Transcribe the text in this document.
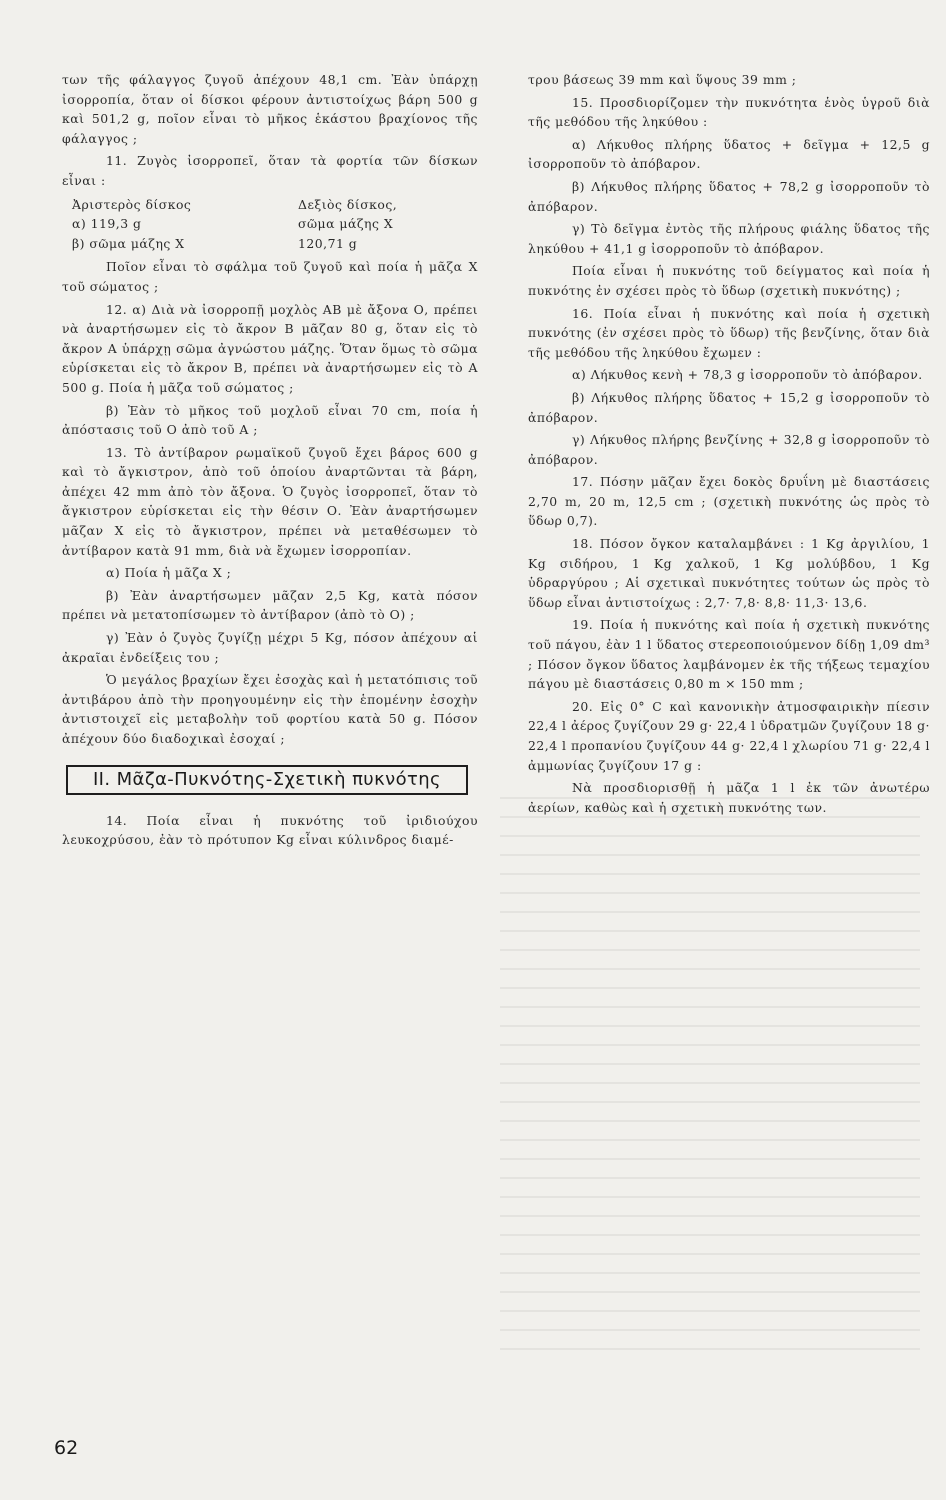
των τῆς φάλαγγος ζυγοῦ ἀπέχουν 48,1 cm. Ἐὰν ὑπάρχῃ ἰσορροπία, ὅταν οἱ δίσκοι φέρουν ἀντιστοίχως βάρη 500 g καὶ 501,2 g, ποῖον εἶναι τὸ μῆκος ἑκάστου βραχίονος τῆς φάλαγγος ;

11. Ζυγὸς ἰσορροπεῖ, ὅταν τὰ φορτία τῶν δίσκων εἶναι :

Ἀριστερὸς δίσκος	Δεξιὸς δίσκος,
α) 119,3 g	σῶμα μάζης Χ
β) σῶμα μάζης Χ	120,71 g

Ποῖον εἶναι τὸ σφάλμα τοῦ ζυγοῦ καὶ ποία ἡ μᾶζα Χ τοῦ σώματος ;

12. α) Διὰ νὰ ἰσορροπῇ μοχλὸς ΑΒ μὲ ἄξονα Ο, πρέπει νὰ ἀναρτήσωμεν εἰς τὸ ἄκρον Β μᾶζαν 80 g, ὅταν εἰς τὸ ἄκρον Α ὑπάρχῃ σῶμα ἀγνώστου μάζης. Ὅταν ὅμως τὸ σῶμα εὑρίσκεται εἰς τὸ ἄκρον Β, πρέπει νὰ ἀναρτήσωμεν εἰς τὸ Α 500 g. Ποία ἡ μᾶζα τοῦ σώματος ;

β) Ἐὰν τὸ μῆκος τοῦ μοχλοῦ εἶναι 70 cm, ποία ἡ ἀπόστασις τοῦ Ο ἀπὸ τοῦ Α ;

13. Τὸ ἀντίβαρον ρωμαϊκοῦ ζυγοῦ ἔχει βάρος 600 g καὶ τὸ ἄγκιστρον, ἀπὸ τοῦ ὁποίου ἀναρτῶνται τὰ βάρη, ἀπέχει 42 mm ἀπὸ τὸν ἄξονα. Ὁ ζυγὸς ἰσορροπεῖ, ὅταν τὸ ἄγκιστρον εὑρίσκεται εἰς τὴν θέσιν Ο. Ἐὰν ἀναρτήσωμεν μᾶζαν Χ εἰς τὸ ἄγκιστρον, πρέπει νὰ μεταθέσωμεν τὸ ἀντίβαρον κατὰ 91 mm, διὰ νὰ ἔχωμεν ἰσορροπίαν.

α) Ποία ἡ μᾶζα Χ ;

β) Ἐὰν ἀναρτήσωμεν μᾶζαν 2,5 Kg, κατὰ πόσον πρέπει νὰ μετατοπίσωμεν τὸ ἀντίβαρον (ἀπὸ τὸ Ο) ;

γ) Ἐὰν ὁ ζυγὸς ζυγίζῃ μέχρι 5 Kg, πόσον ἀπέχουν αἱ ἀκραῖαι ἐνδείξεις του ;

Ὁ μεγάλος βραχίων ἔχει ἐσοχὰς καὶ ἡ μετατόπισις τοῦ ἀντιβάρου ἀπὸ τὴν προηγουμένην εἰς τὴν ἑπομένην ἐσοχὴν ἀντιστοιχεῖ εἰς μεταβολὴν τοῦ φορτίου κατὰ 50 g. Πόσον ἀπέχουν δύο διαδοχικαὶ ἐσοχαί ;

II. Μᾶζα-Πυκνότης-Σχετικὴ πυκνότης

14. Ποία εἶναι ἡ πυκνότης τοῦ ἰριδιούχου λευκοχρύσου, ἐὰν τὸ πρότυπον Kg εἶναι κύλινδρος διαμέ-

τρου βάσεως 39 mm καὶ ὕψους 39 mm ;

15. Προσδιορίζομεν τὴν πυκνότητα ἑνὸς ὑγροῦ διὰ τῆς μεθόδου τῆς ληκύθου :

α) Λήκυθος πλήρης ὕδατος + δεῖγμα + 12,5 g ἰσορροποῦν τὸ ἀπόβαρον.

β) Λήκυθος πλήρης ὕδατος + 78,2 g ἰσορροποῦν τὸ ἀπόβαρον.

γ) Τὸ δεῖγμα ἐντὸς τῆς πλήρους φιάλης ὕδατος τῆς ληκύθου + 41,1 g ἰσορροποῦν τὸ ἀπόβαρον.

Ποία εἶναι ἡ πυκνότης τοῦ δείγματος καὶ ποία ἡ πυκνότης ἐν σχέσει πρὸς τὸ ὕδωρ (σχετικὴ πυκνότης) ;

16. Ποία εἶναι ἡ πυκνότης καὶ ποία ἡ σχετικὴ πυκνότης (ἐν σχέσει πρὸς τὸ ὕδωρ) τῆς βενζίνης, ὅταν διὰ τῆς μεθόδου τῆς ληκύθου ἔχωμεν :

α) Λήκυθος κενὴ + 78,3 g ἰσορροποῦν τὸ ἀπόβαρον.

β) Λήκυθος πλήρης ὕδατος + 15,2 g ἰσορροποῦν τὸ ἀπόβαρον.

γ) Λήκυθος πλήρης βενζίνης + 32,8 g ἰσορροποῦν τὸ ἀπόβαρον.

17. Πόσην μᾶζαν ἔχει δοκὸς δρυΐνη μὲ διαστάσεις 2,70 m, 20 m, 12,5 cm ; (σχετικὴ πυκνότης ὡς πρὸς τὸ ὕδωρ 0,7).

18. Πόσον ὄγκον καταλαμβάνει : 1 Kg ἀργιλίου, 1 Kg σιδήρου, 1 Kg χαλκοῦ, 1 Kg μολύβδου, 1 Kg ὑδραργύρου ; Αἱ σχετικαὶ πυκνότητες τούτων ὡς πρὸς τὸ ὕδωρ εἶναι ἀντιστοίχως : 2,7· 7,8· 8,8· 11,3· 13,6.

19. Ποία ἡ πυκνότης καὶ ποία ἡ σχετικὴ πυκνότης τοῦ πάγου, ἐὰν 1 l ὕδατος στερεοποιούμενον δίδῃ 1,09 dm³ ; Πόσον ὄγκον ὕδατος λαμβάνομεν ἐκ τῆς τήξεως τεμαχίου πάγου μὲ διαστάσεις 0,80 m × 150 mm ;

20. Εἰς 0° C καὶ κανονικὴν ἀτμοσφαιρικὴν πίεσιν 22,4 l ἀέρος ζυγίζουν 29 g· 22,4 l ὑδρατμῶν ζυγίζουν 18 g· 22,4 l προπανίου ζυγίζουν 44 g· 22,4 l χλωρίου 71 g· 22,4 l ἀμμωνίας ζυγίζουν 17 g :

Νὰ προσδιορισθῇ ἡ μᾶζα 1 l ἐκ τῶν ἀνωτέρω ἀερίων, καθὼς καὶ ἡ σχετικὴ πυκνότης των.

62
